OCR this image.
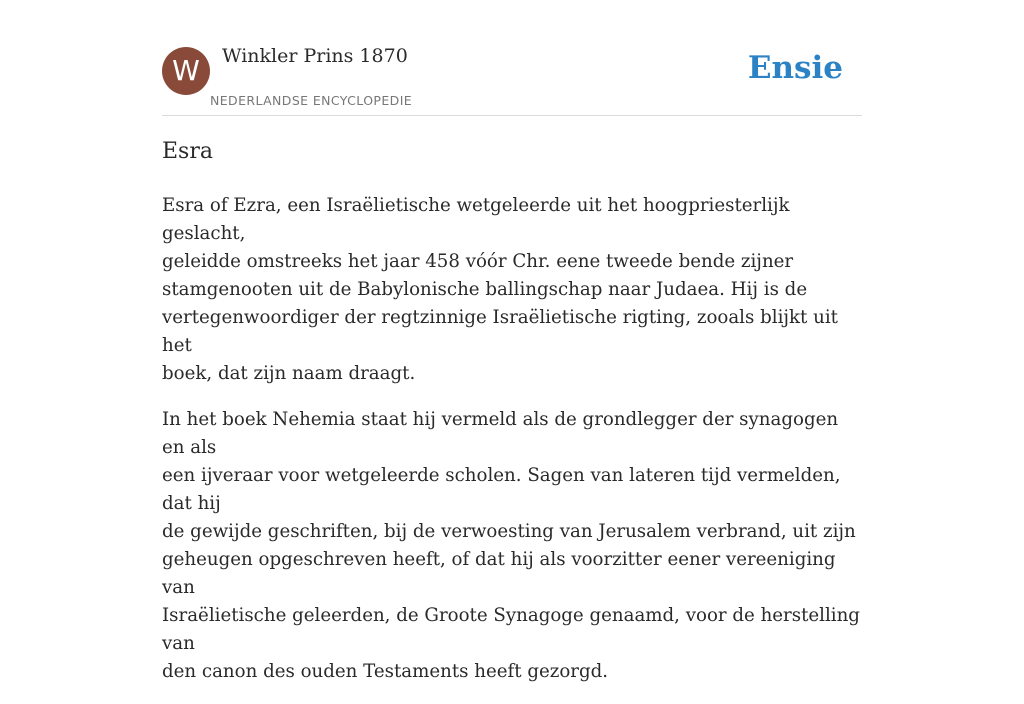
W	Winkler Prins 1870
NEDERLANDSE ENCYCLOPEDIE
Ensie
Esra

Esra of Ezra, een Israëlietische wetgeleerde uit het hoogpriesterlijk geslacht,
geleidde omstreeks het jaar 458 vóór Chr. eene tweede bende zijner
stamgenooten uit de Babylonische ballingschap naar Judaea. Hij is de
vertegenwoordiger der regtzinnige Israëlietische rigting, zooals blijkt uit het
boek, dat zijn naam draagt.

In het boek Nehemia staat hij vermeld als de grondlegger der synagogen en als
een ijveraar voor wetgeleerde scholen. Sagen van lateren tijd vermelden, dat hij
de gewijde geschriften, bij de verwoesting van Jerusalem verbrand, uit zijn
geheugen opgeschreven heeft, of dat hij als voorzitter eener vereeniging van
Israëlietische geleerden, de Groote Synagoge genaamd, voor de herstelling van
den canon des ouden Testaments heeft gezorgd.
